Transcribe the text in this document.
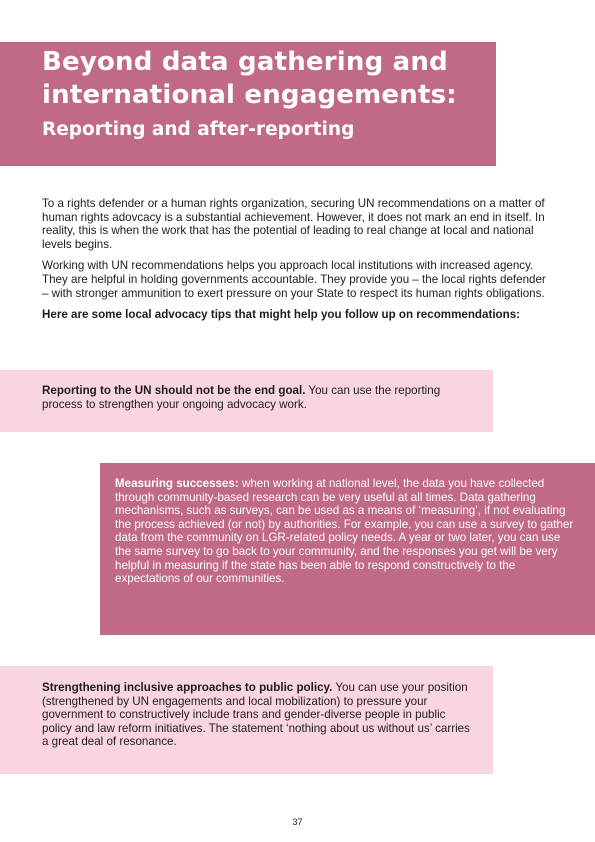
Beyond data gathering and
international engagements:
Reporting and after-reporting

To a rights defender or a human rights organization, securing UN recommendations on a matter of human rights adovcacy is a substantial achievement. However, it does not mark an end in itself. In reality, this is when the work that has the potential of leading to real change at local and national levels begins.

Working with UN recommendations helps you approach local institutions with increased agency. They are helpful in holding governments accountable. They provide you – the local rights defender – with stronger ammunition to exert pressure on your State to respect its human rights obligations.

Here are some local advocacy tips that might help you follow up on recommendations:

Reporting to the UN should not be the end goal. You can use the reporting process to strengthen your ongoing advocacy work.
Measuring successes: when working at national level, the data you have collected through community-based research can be very useful at all times. Data gathering mechanisms, such as surveys, can be used as a means of ‘measuring’, if not evaluating the process achieved (or not) by authorities. For example, you can use a survey to gather data from the community on LGR-related policy needs. A year or two later, you can use the same survey to go back to your community, and the responses you get will be very helpful in measuring if the state has been able to respond constructively to the expectations of our communities.
Strengthening inclusive approaches to public policy. You can use your position (strengthened by UN engagements and local mobilization) to pressure your government to constructively include trans and gender-diverse people in public policy and law reform initiatives. The statement ‘nothing about us without us’ carries a great deal of resonance.
37
